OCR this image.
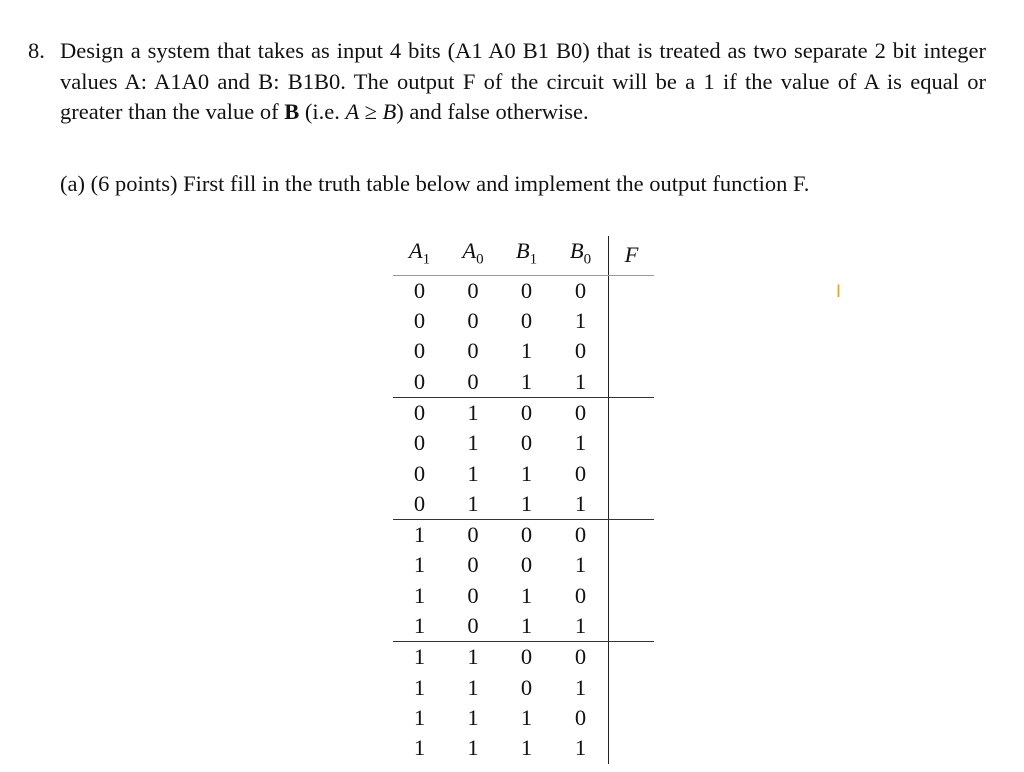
8. Design a system that takes as input 4 bits (A1 A0 B1 B0) that is treated as two separate 2 bit integer values A: A1A0 and B: B1B0. The output F of the circuit will be a 1 if the value of A is equal or greater than the value of B (i.e. A ≥ B) and false otherwise.
(a) (6 points) First fill in the truth table below and implement the output function F.
$A_1$	$A_0$	$B_1$	$B_0$	F
0	0	0	0	
0	0	0	1	
0	0	1	0	
0	0	1	1	
0	1	0	0	
0	1	0	1	
0	1	1	0	
0	1	1	1	
1	0	0	0	
1	0	0	1	
1	0	1	0	
1	0	1	1	
1	1	0	0	
1	1	0	1	
1	1	1	0	
1	1	1	1	
I
